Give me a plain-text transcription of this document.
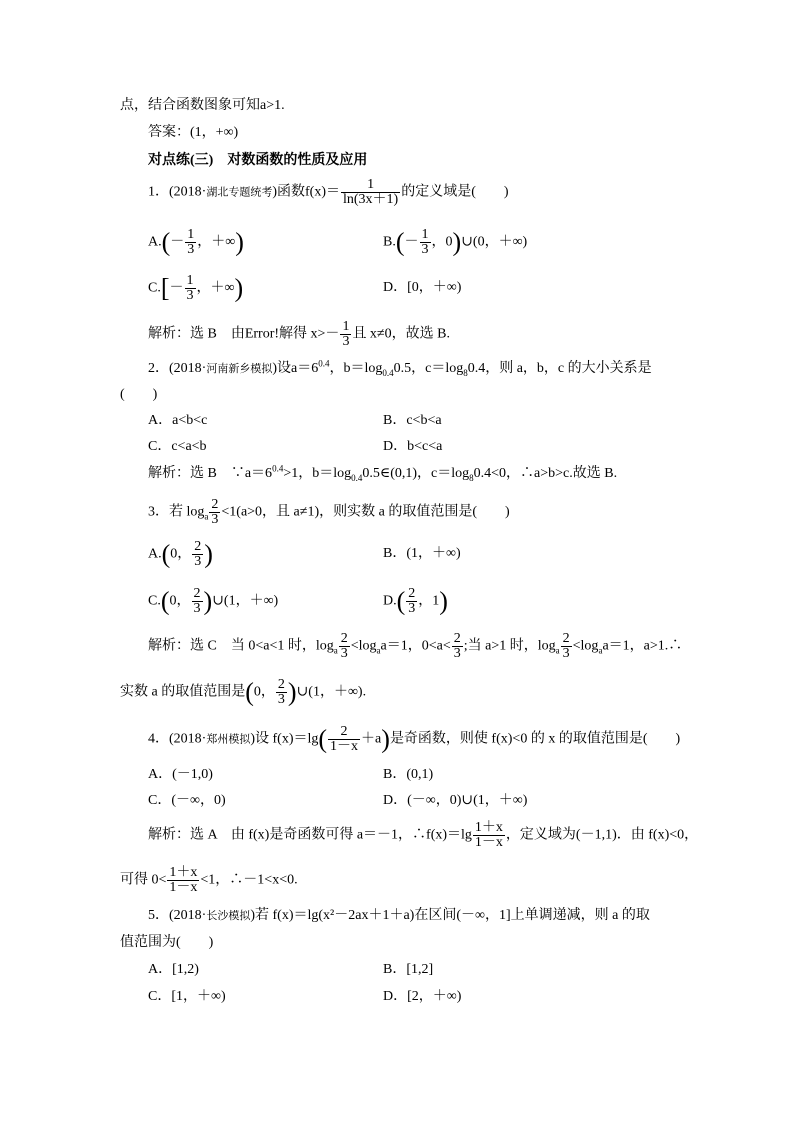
点，结合函数图象可知a>1.
答案：(1，+∞)
对点练(三)　对数函数的性质及应用
1．(2018·湖北专题统考)函数$f(x)= \frac{1}{\ln(3x+1)}$ 的定义域是(　　)
$A.(- \frac{1}{3}$ ，＋∞)	$B.(- \frac{1}{3}$ ，0)∪(0，＋∞)
$C.[- \frac{1}{3}$ ，＋∞)	D．[0，＋∞)
解析：选 B　由Error!解得 $x>- \frac{1}{3}$ 且 x≠0，故选 B.
2．(2018·河南新乡模拟)设$a=6^{0.4}$，$b=\log_{0.4}0.5$，$c=\log_80.4$，则 a，b，c 的大小关系是
(　　)
A．a<b<c	B．c<b<a
C．c<a<b	D．b<c<a
解析：选 B　$\because a=6^{0.4}>1$，$b=\log_{0.4}0.5\in(0,1)$，$c=\log_80.4<0$，∴a>b>c.故选 B.
3．若 $\log_a \frac{2}{3} <1(a>0$，且 a≠1)，则实数 a 的取值范围是(　　)
A.(0， $\frac{2}{3}$ )	B．(1，＋∞)
C.(0， $\frac{2}{3}$ )∪(1，＋∞)	$D.( \frac{2}{3}$ ，1)
解析：选 C　当 0<a<1 时，$\log_a \frac{2}{3} <\log_aa=1$，$0<a< \frac{2}{3}$ ;当 a>1 时，$\log_a \frac{2}{3} <\log_aa=1$，a>1.∴
实数 a 的取值范围是(0， $\frac{2}{3}$ )∪(1，＋∞).
4．(2018·郑州模拟)设 $f(x)=\lg( \frac{2}{1-x} +a)$是奇函数，则使 f(x)<0 的 x 的取值范围是(　　)
A．(－1,0)	B．(0,1)
C．(－∞，0)	D．(－∞，0)∪(1，＋∞)
解析：选 A　由 f(x)是奇函数可得 a＝－1，∴f(x)＝lg $\frac{1+x}{1-x}$ ，定义域为(－1,1)．由 f(x)<0，
可得 $0< \frac{1+x}{1-x} <1$，∴－1<x<0.
5．(2018·长沙模拟)若 f(x)＝lg(x²－2ax＋1＋a)在区间(－∞，1]上单调递减，则 a 的取
值范围为(　　)
A．[1,2)	B．[1,2]
C．[1，＋∞)	D．[2，＋∞)
